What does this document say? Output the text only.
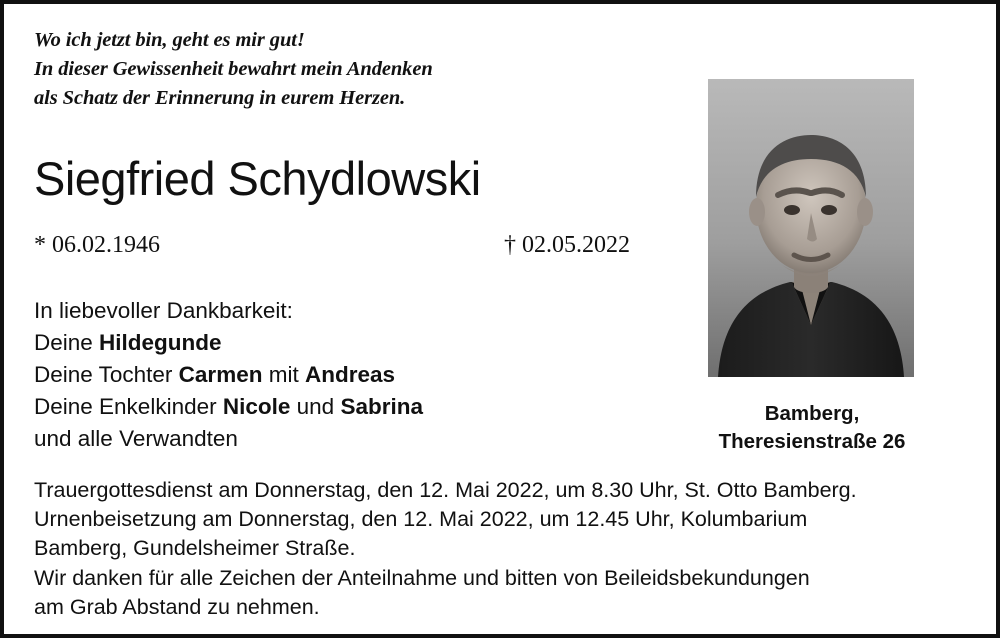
Wo ich jetzt bin, geht es mir gut!
In dieser Gewissenheit bewahrt mein Andenken
als Schatz der Erinnerung in eurem Herzen.
Siegfried Schydlowski
* 06.02.1946	† 02.05.2022
In liebevoller Dankbarkeit:
Deine Hildegunde
Deine Tochter Carmen mit Andreas
Deine Enkelkinder Nicole und Sabrina
und alle Verwandten
Bamberg,
Theresienstraße 26
Trauergottesdienst am Donnerstag, den 12. Mai 2022, um 8.30 Uhr, St. Otto Bamberg.
Urnenbeisetzung am Donnerstag, den 12. Mai 2022, um 12.45 Uhr, Kolumbarium
Bamberg, Gundelsheimer Straße.
Wir danken für alle Zeichen der Anteilnahme und bitten von Beileidsbekundungen
am Grab Abstand zu nehmen.
